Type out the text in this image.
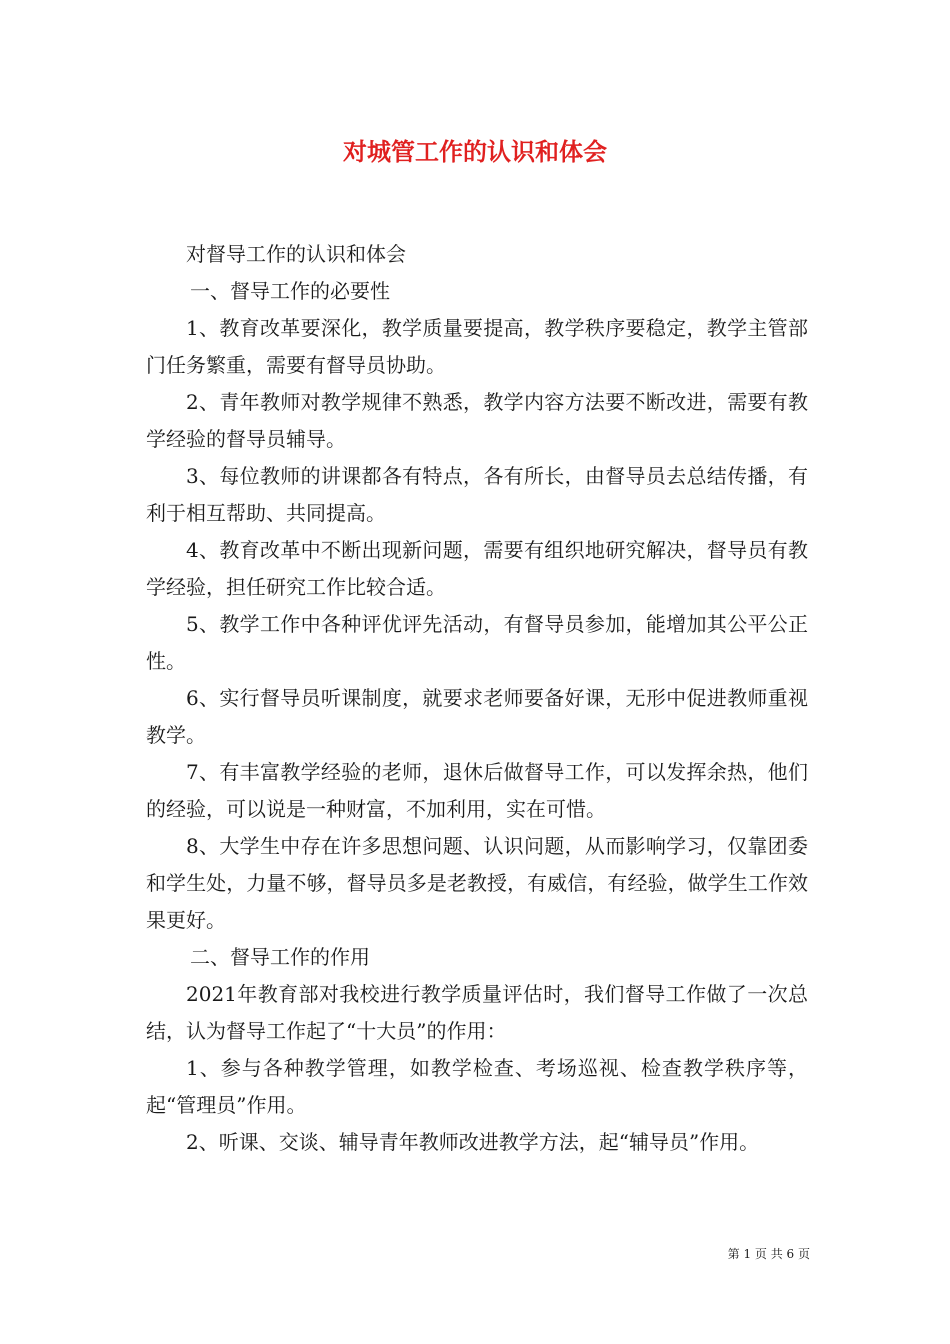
对城管工作的认识和体会

对督导工作的认识和体会

一、督导工作的必要性

1、教育改革要深化，教学质量要提高，教学秩序要稳定，教学主管部门任务繁重，需要有督导员协助。

2、青年教师对教学规律不熟悉，教学内容方法要不断改进，需要有教学经验的督导员辅导。

3、每位教师的讲课都各有特点，各有所长，由督导员去总结传播，有利于相互帮助、共同提高。

4、教育改革中不断出现新问题，需要有组织地研究解决，督导员有教学经验，担任研究工作比较合适。

5、教学工作中各种评优评先活动，有督导员参加，能增加其公平公正性。

6、实行督导员听课制度，就要求老师要备好课，无形中促进教师重视教学。

7、有丰富教学经验的老师，退休后做督导工作，可以发挥余热，他们的经验，可以说是一种财富，不加利用，实在可惜。

8、大学生中存在许多思想问题、认识问题，从而影响学习，仅靠团委和学生处，力量不够，督导员多是老教授，有威信，有经验，做学生工作效果更好。

二、督导工作的作用

2021年教育部对我校进行教学质量评估时，我们督导工作做了一次总结，认为督导工作起了“十大员”的作用：

1、参与各种教学管理，如教学检查、考场巡视、检查教学秩序等，起“管理员”作用。

2、听课、交谈、辅导青年教师改进教学方法，起“辅导员”作用。

第 1 页 共 6 页
